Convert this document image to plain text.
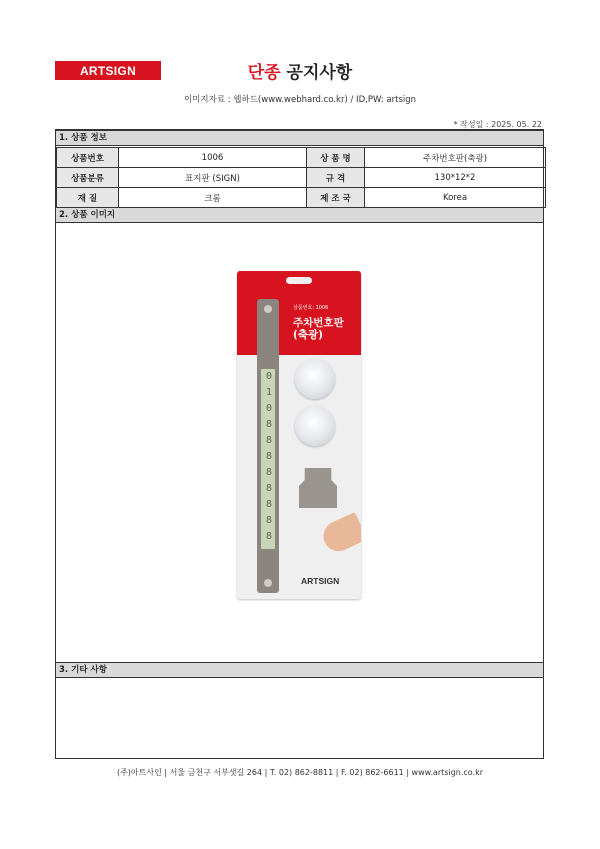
ARTSIGN	단종 공지사항
이미지자료 : 웹하드(www.webhard.co.kr) / ID,PW: artsign
* 작성일 : 2025. 05. 22
1. 상품 정보
상품번호	1006	상 품 명	주차번호판(축광)
상품분류	표지판 (SIGN)	규 격	130*12*2
재 질	크롬	제 조 국	Korea
2. 상품 이미지
상품번호: 1006
주차번호판
(축광)
0
1
0
8
8
8
8
8
8
8
8
ARTSIGN
3. 기타 사항
(주)아트사인 | 서울 금천구 서부샛길 264 | T. 02) 862-8811 | F. 02) 862-6611 | www.artsign.co.kr
